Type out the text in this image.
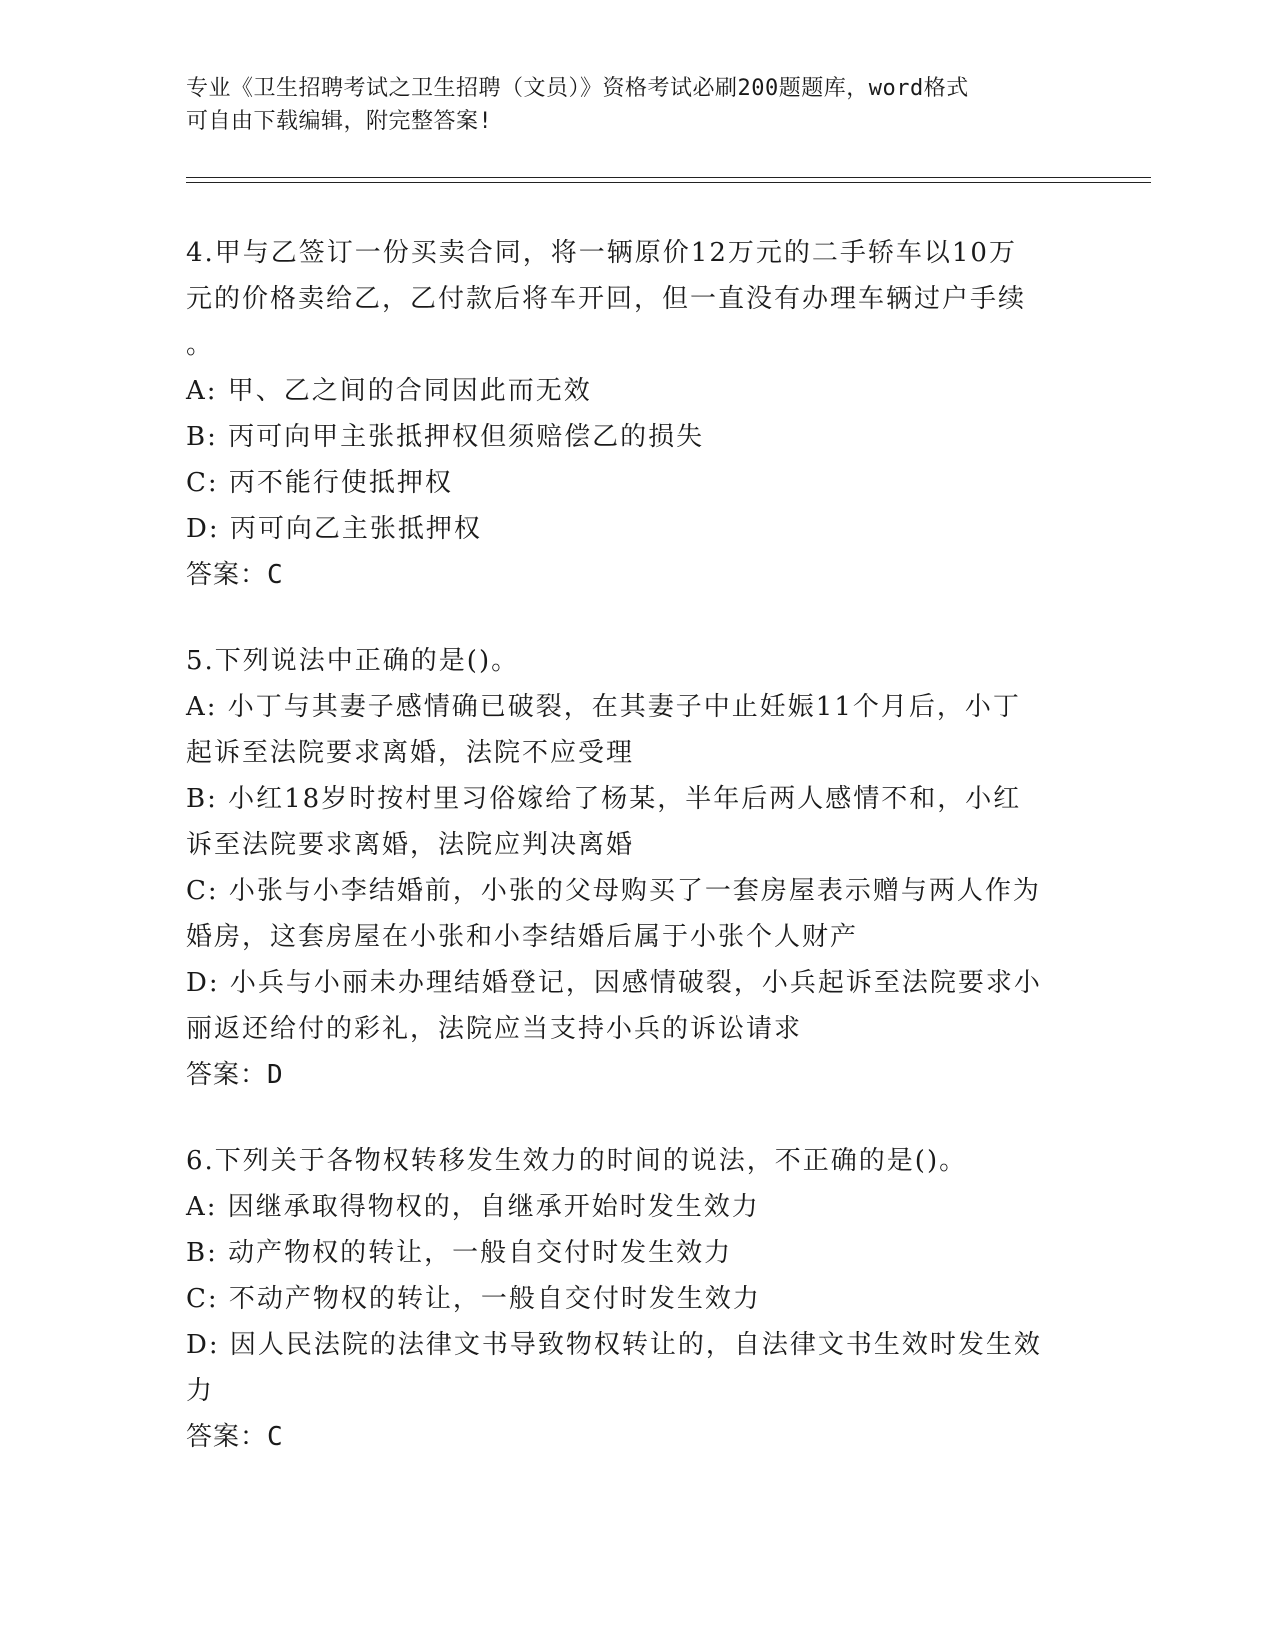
专业《卫生招聘考试之卫生招聘（文员）》资格考试必刷200题题库，word格式
可自由下载编辑，附完整答案!
4.甲与乙签订一份买卖合同，将一辆原价12万元的二手轿车以10万
元的价格卖给乙，乙付款后将车开回，但一直没有办理车辆过户手续
。
A: 甲、乙之间的合同因此而无效
B: 丙可向甲主张抵押权但须赔偿乙的损失
C: 丙不能行使抵押权
D: 丙可向乙主张抵押权
答案：C
5.下列说法中正确的是()。
A: 小丁与其妻子感情确已破裂，在其妻子中止妊娠11个月后，小丁
起诉至法院要求离婚，法院不应受理
B: 小红18岁时按村里习俗嫁给了杨某，半年后两人感情不和，小红
诉至法院要求离婚，法院应判决离婚
C: 小张与小李结婚前，小张的父母购买了一套房屋表示赠与两人作为
婚房，这套房屋在小张和小李结婚后属于小张个人财产
D: 小兵与小丽未办理结婚登记，因感情破裂，小兵起诉至法院要求小
丽返还给付的彩礼，法院应当支持小兵的诉讼请求
答案：D
6.下列关于各物权转移发生效力的时间的说法，不正确的是()。
A: 因继承取得物权的，自继承开始时发生效力
B: 动产物权的转让，一般自交付时发生效力
C: 不动产物权的转让，一般自交付时发生效力
D: 因人民法院的法律文书导致物权转让的，自法律文书生效时发生效
力
答案：C
